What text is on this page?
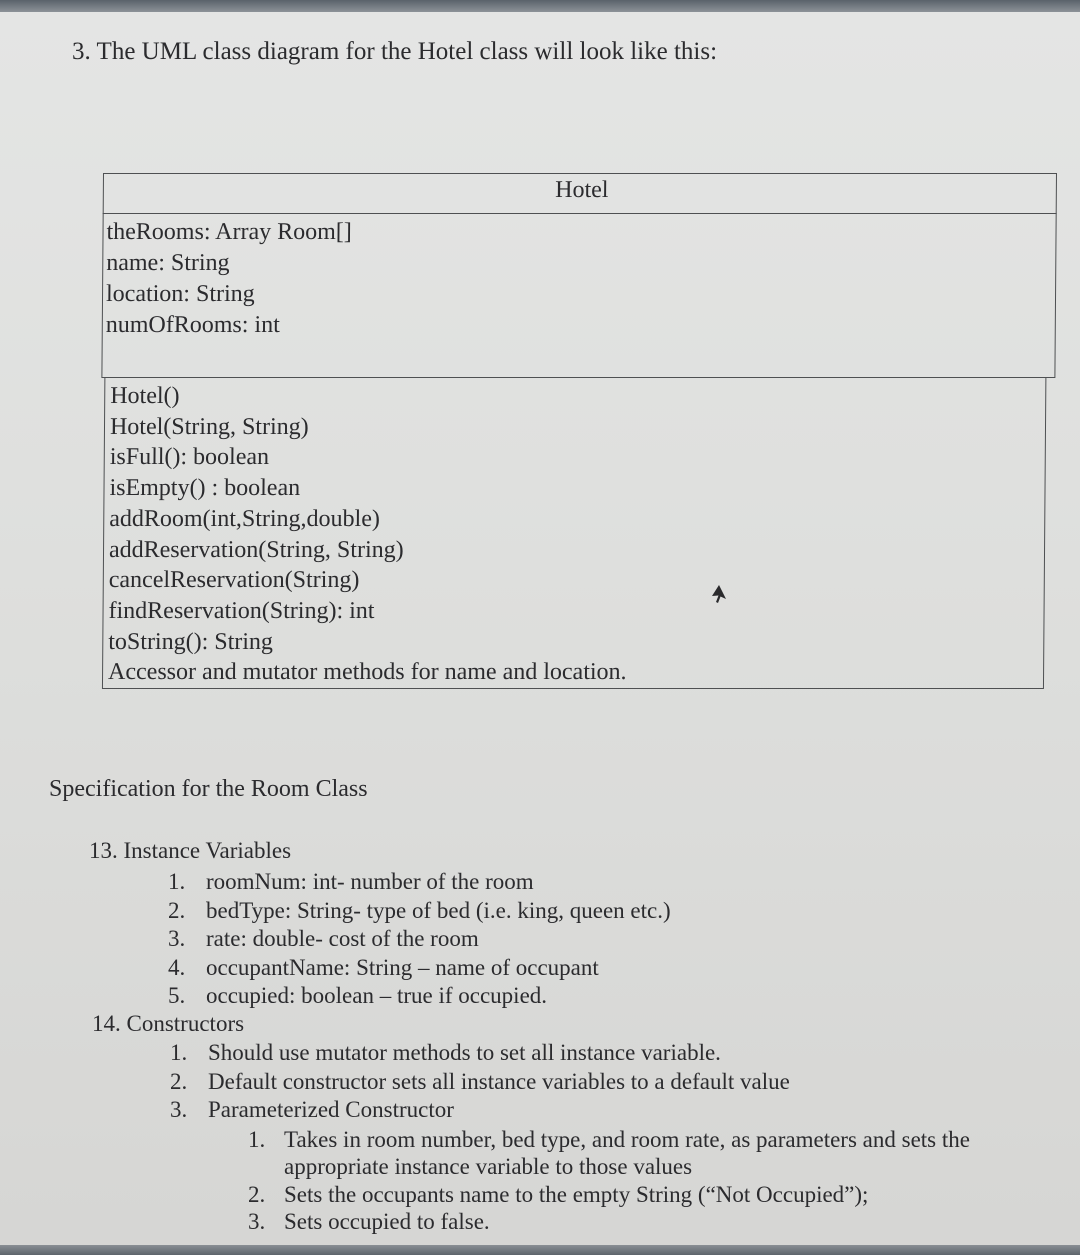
3. The UML class diagram for the Hotel class will look like this:
Hotel
theRooms: Array Room[]
name: String
location: String
numOfRooms: int
Hotel()
Hotel(String, String)
isFull(): boolean
isEmpty() : boolean
addRoom(int,String,double)
addReservation(String, String)
cancelReservation(String)
findReservation(String): int
toString(): String
Accessor and mutator methods for name and location.
Specification for the Room Class
13. Instance Variables
1. roomNum: int- number of the room
2. bedType: String- type of bed (i.e. king, queen etc.)
3. rate: double- cost of the room
4. occupantName: String – name of occupant
5. occupied: boolean – true if occupied.
14. Constructors
1. Should use mutator methods to set all instance variable.
2. Default constructor sets all instance variables to a default value
3. Parameterized Constructor
1. Takes in room number, bed type, and room rate, as parameters and sets the
appropriate instance variable to those values
2. Sets the occupants name to the empty String (“Not Occupied”);
3. Sets occupied to false.
